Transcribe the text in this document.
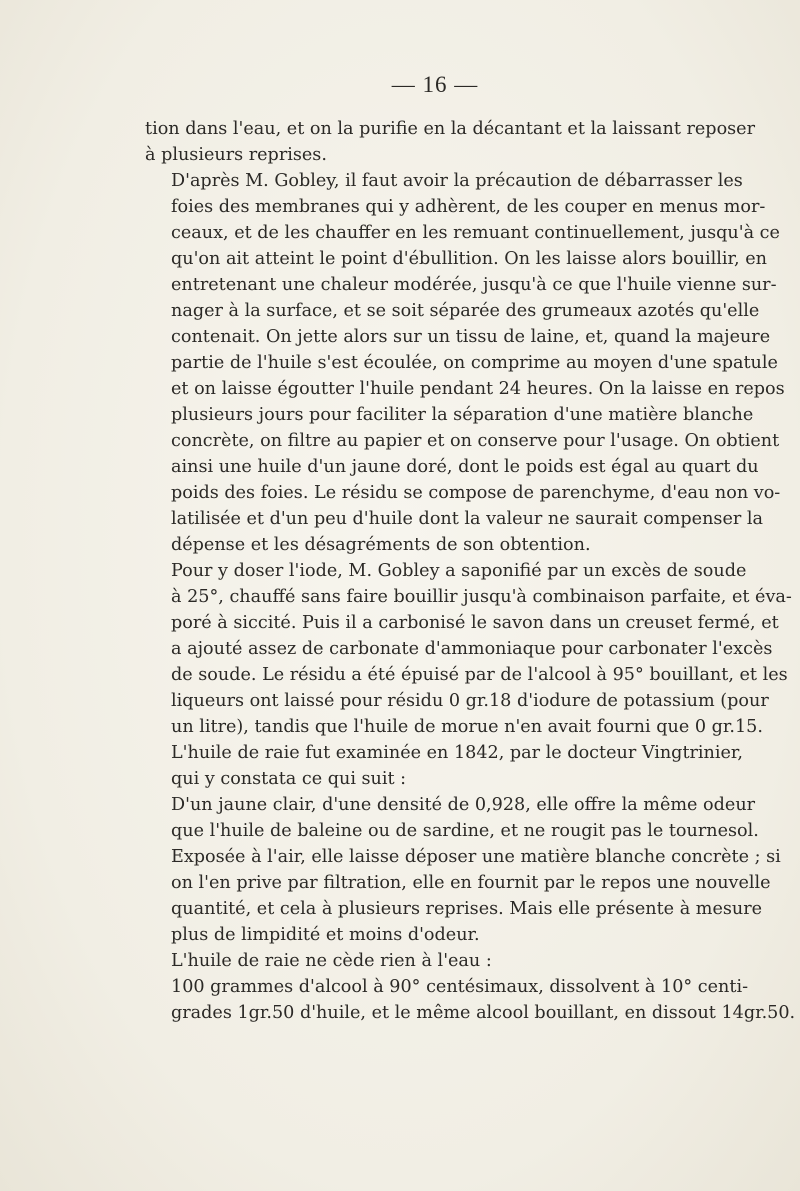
— 16 —

tion dans l'eau, et on la purifie en la décantant et la laissant reposer
à plusieurs reprises.

D'après M. Gobley, il faut avoir la précaution de débarrasser les
foies des membranes qui y adhèrent, de les couper en menus mor-
ceaux, et de les chauffer en les remuant continuellement, jusqu'à ce
qu'on ait atteint le point d'ébullition. On les laisse alors bouillir, en
entretenant une chaleur modérée, jusqu'à ce que l'huile vienne sur-
nager à la surface, et se soit séparée des grumeaux azotés qu'elle
contenait. On jette alors sur un tissu de laine, et, quand la majeure
partie de l'huile s'est écoulée, on comprime au moyen d'une spatule
et on laisse égoutter l'huile pendant 24 heures. On la laisse en repos
plusieurs jours pour faciliter la séparation d'une matière blanche
concrète, on filtre au papier et on conserve pour l'usage. On obtient
ainsi une huile d'un jaune doré, dont le poids est égal au quart du
poids des foies. Le résidu se compose de parenchyme, d'eau non vo-
latilisée et d'un peu d'huile dont la valeur ne saurait compenser la
dépense et les désagréments de son obtention.

Pour y doser l'iode, M. Gobley a saponifié par un excès de soude
à 25°, chauffé sans faire bouillir jusqu'à combinaison parfaite, et éva-
poré à siccité. Puis il a carbonisé le savon dans un creuset fermé, et
a ajouté assez de carbonate d'ammoniaque pour carbonater l'excès
de soude. Le résidu a été épuisé par de l'alcool à 95° bouillant, et les
liqueurs ont laissé pour résidu 0 gr.18 d'iodure de potassium (pour
un litre), tandis que l'huile de morue n'en avait fourni que 0 gr.15.

L'huile de raie fut examinée en 1842, par le docteur Vingtrinier,
qui y constata ce qui suit :

D'un jaune clair, d'une densité de 0,928, elle offre la même odeur
que l'huile de baleine ou de sardine, et ne rougit pas le tournesol.
Exposée à l'air, elle laisse déposer une matière blanche concrète ; si
on l'en prive par filtration, elle en fournit par le repos une nouvelle
quantité, et cela à plusieurs reprises. Mais elle présente à mesure
plus de limpidité et moins d'odeur.

L'huile de raie ne cède rien à l'eau :

100 grammes d'alcool à 90° centésimaux, dissolvent à 10° centi-
grades 1gr.50 d'huile, et le même alcool bouillant, en dissout 14gr.50.
